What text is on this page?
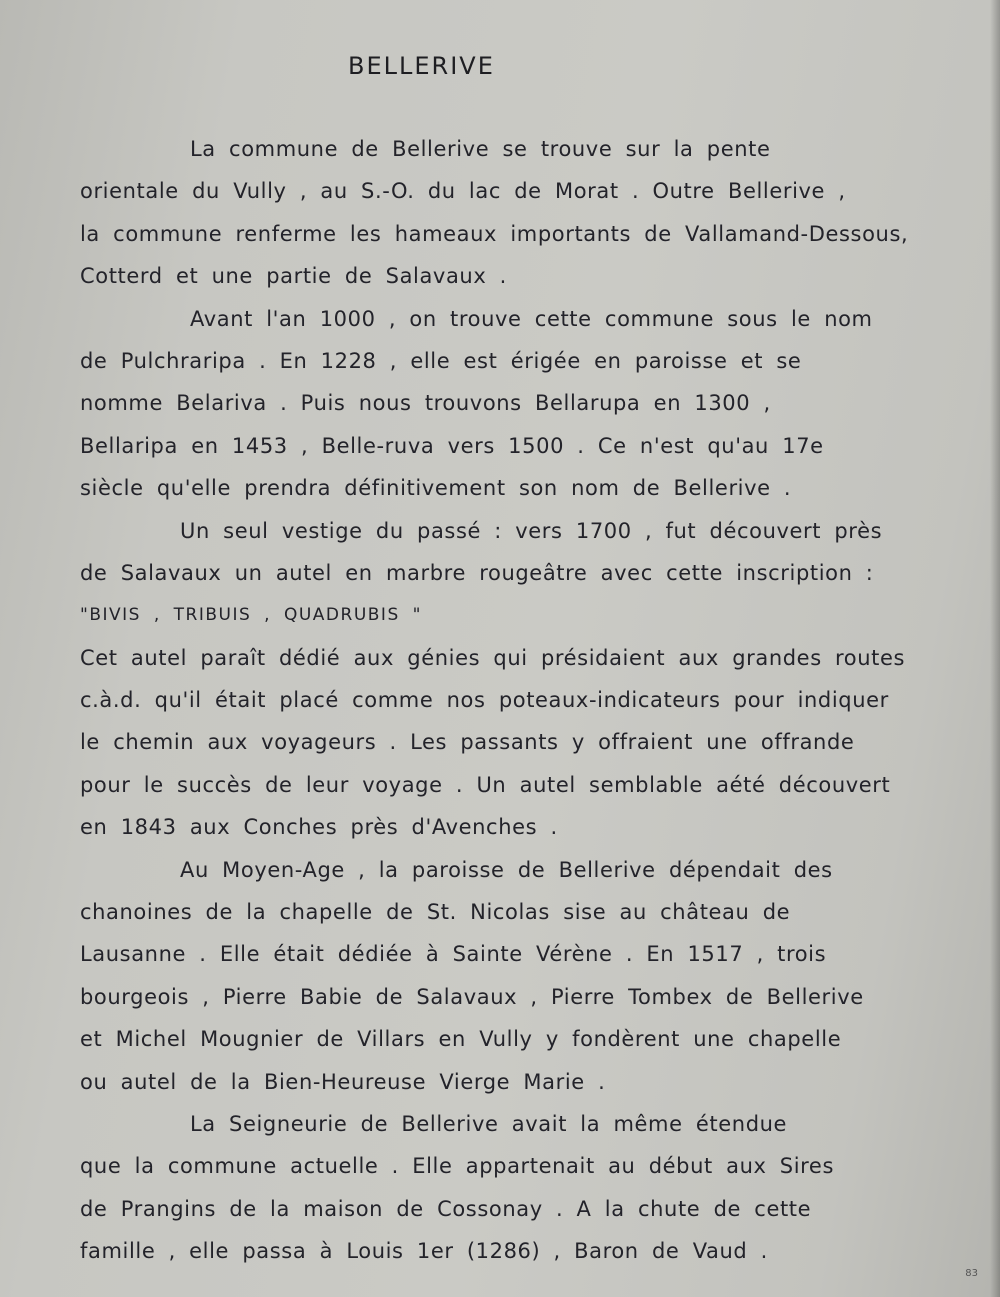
BELLERIVE
La commune de Bellerive se trouve sur la pente
orientale du Vully , au S.-O. du lac de Morat . Outre Bellerive ,
la commune renferme les hameaux importants de Vallamand-Dessous,
Cotterd et une partie de Salavaux .
Avant l'an 1000 , on trouve cette commune sous le nom
de Pulchraripa . En 1228 , elle est érigée en paroisse et se
nomme Belariva . Puis nous trouvons Bellarupa en 1300 ,
Bellaripa en 1453 , Belle-ruva vers 1500 . Ce n'est qu'au 17e
siècle qu'elle prendra définitivement son nom de Bellerive .
Un seul vestige du passé : vers 1700 , fut découvert près
de Salavaux un autel en marbre rougeâtre avec cette inscription :
"BIVIS , TRIBUIS , QUADRUBIS "
Cet autel paraît dédié aux génies qui présidaient aux grandes routes
c.à.d. qu'il était placé comme nos poteaux-indicateurs pour indiquer
le chemin aux voyageurs . Les passants y offraient une offrande
pour le succès de leur voyage . Un autel semblable aété découvert
en 1843 aux Conches près d'Avenches .
Au Moyen-Age , la paroisse de Bellerive dépendait des
chanoines de la chapelle de St. Nicolas sise au château de
Lausanne . Elle était dédiée à Sainte Vérène . En 1517 , trois
bourgeois , Pierre Babie de Salavaux , Pierre Tombex de Bellerive
et Michel Mougnier de Villars en Vully y fondèrent une chapelle
ou autel de la Bien-Heureuse Vierge Marie .
La Seigneurie de Bellerive avait la même étendue
que la commune actuelle . Elle appartenait au début aux Sires
de Prangins de la maison de Cossonay . A la chute de cette
famille , elle passa à Louis 1er (1286) , Baron de Vaud .
83
